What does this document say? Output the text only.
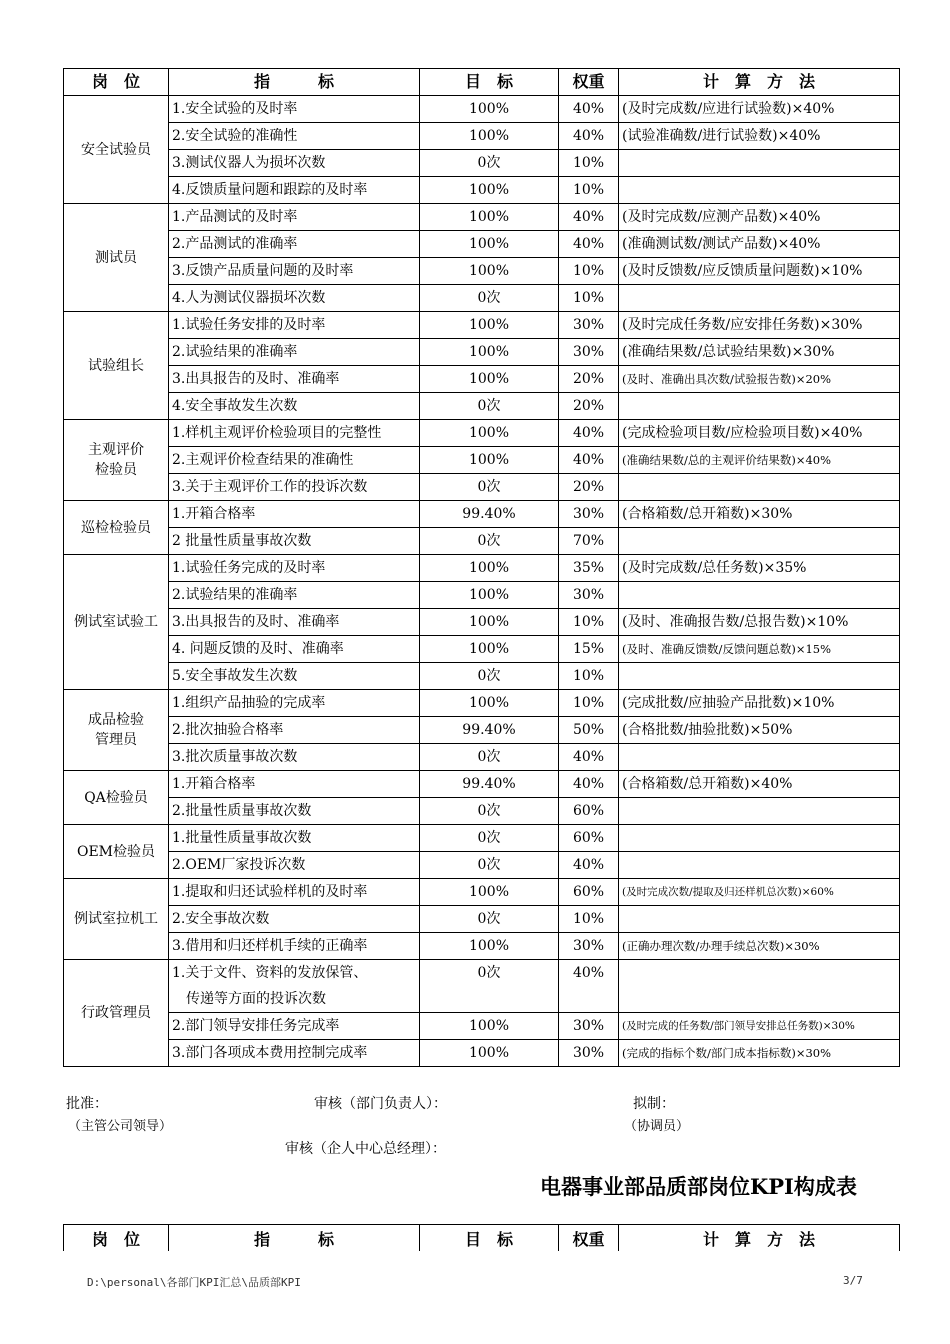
岗　位	指　　　标	目　标	权重	计　算　方　法

安全试验员	1.安全试验的及时率	100%	40%	(及时完成数/应进行试验数)×40%
	2.安全试验的准确性	100%	40%	(试验准确数/进行试验数)×40%
	3.测试仪器人为损坏次数	0次	10%	
	4.反馈质量问题和跟踪的及时率	100%	10%	

测试员	1.产品测试的及时率	100%	40%	(及时完成数/应测产品数)×40%
	2.产品测试的准确率	100%	40%	(准确测试数/测试产品数)×40%
	3.反馈产品质量问题的及时率	100%	10%	(及时反馈数/应反馈质量问题数)×10%
	4.人为测试仪器损坏次数	0次	10%	

试验组长	1.试验任务安排的及时率	100%	30%	(及时完成任务数/应安排任务数)×30%
	2.试验结果的准确率	100%	30%	(准确结果数/总试验结果数)×30%
	3.出具报告的及时、准确率	100%	20%	(及时、准确出具次数/试验报告数)×20%
	4.安全事故发生次数	0次	20%	

主观评价
检验员	1.样机主观评价检验项目的完整性	100%	40%	(完成检验项目数/应检验项目数)×40%
	2.主观评价检查结果的准确性	100%	40%	(准确结果数/总的主观评价结果数)×40%
	3.关于主观评价工作的投诉次数	0次	20%	

巡检检验员	1.开箱合格率	99.40%	30%	(合格箱数/总开箱数)×30%
	2 批量性质量事故次数	0次	70%	

例试室试验工	1.试验任务完成的及时率	100%	35%	(及时完成数/总任务数)×35%
	2.试验结果的准确率	100%	30%	
	3.出具报告的及时、准确率	100%	10%	(及时、准确报告数/总报告数)×10%
	4. 问题反馈的及时、准确率	100%	15%	(及时、准确反馈数/反馈问题总数)×15%
	5.安全事故发生次数	0次	10%	

成品检验
管理员	1.组织产品抽验的完成率	100%	10%	(完成批数/应抽验产品批数)×10%
	2.批次抽验合格率	99.40%	50%	(合格批数/抽验批数)×50%
	3.批次质量事故次数	0次	40%	

QA检验员	1.开箱合格率	99.40%	40%	(合格箱数/总开箱数)×40%
	2.批量性质量事故次数	0次	60%	

OEM检验员	1.批量性质量事故次数	0次	60%	
	2.OEM厂家投诉次数	0次	40%	

例试室拉机工	1.提取和归还试验样机的及时率	100%	60%	(及时完成次数/提取及归还样机总次数)×60%
	2.安全事故次数	0次	10%	
	3.借用和归还样机手续的正确率	100%	30%	(正确办理次数/办理手续总次数)×30%

行政管理员	1.关于文件、资料的发放保管、	0次	40%	
	　传递等方面的投诉次数			
	2.部门领导安排任务完成率	100%	30%	(及时完成的任务数/部门领导安排总任务数)×30%
	3.部门各项成本费用控制完成率	100%	30%	(完成的指标个数/部门成本指标数)×30%
批准：
（主管公司领导）
审核（部门负责人）：	拟制：
（协调员）
审核（企人中心总经理）：
电器事业部品质部岗位KPI构成表
岗　位	指　　　标	目　标	权重	计　算　方　法
D:\personal\各部门KPI汇总\品质部KPI	3/7
